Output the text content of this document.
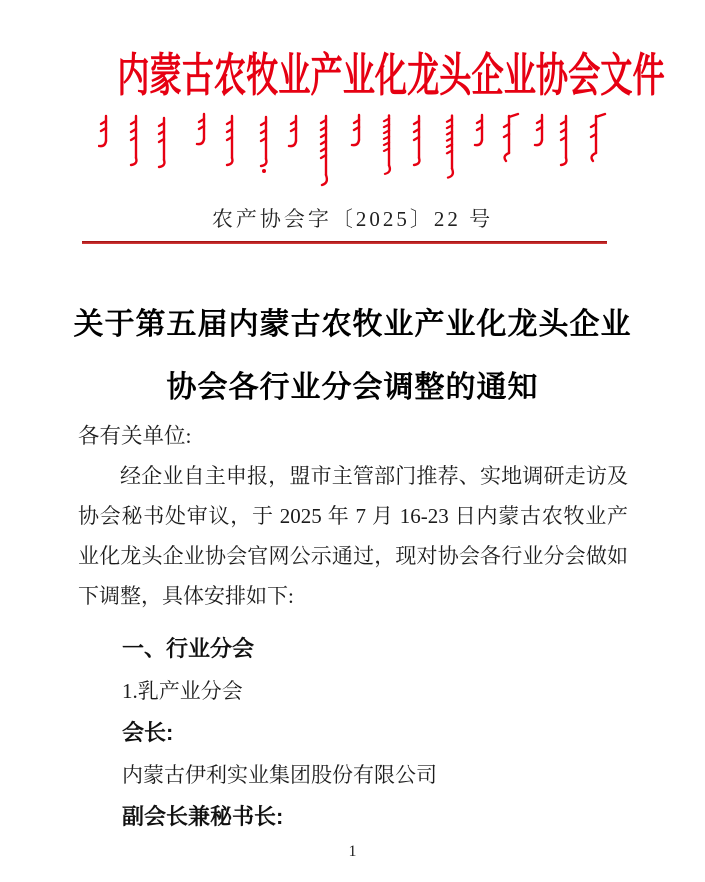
内蒙古农牧业产业化龙头企业协会文件
农产协会字〔2025〕22 号
关于第五届内蒙古农牧业产业化龙头企业
协会各行业分会调整的通知
各有关单位:
经企业自主申报，盟市主管部门推荐、实地调研走访及
协会秘书处审议，于 2025 年 7 月 16-23 日内蒙古农牧业产
业化龙头企业协会官网公示通过，现对协会各行业分会做如
下调整，具体安排如下:
一、行业分会
1.乳产业分会
会长:
内蒙古伊利实业集团股份有限公司
副会长兼秘书长:
1
